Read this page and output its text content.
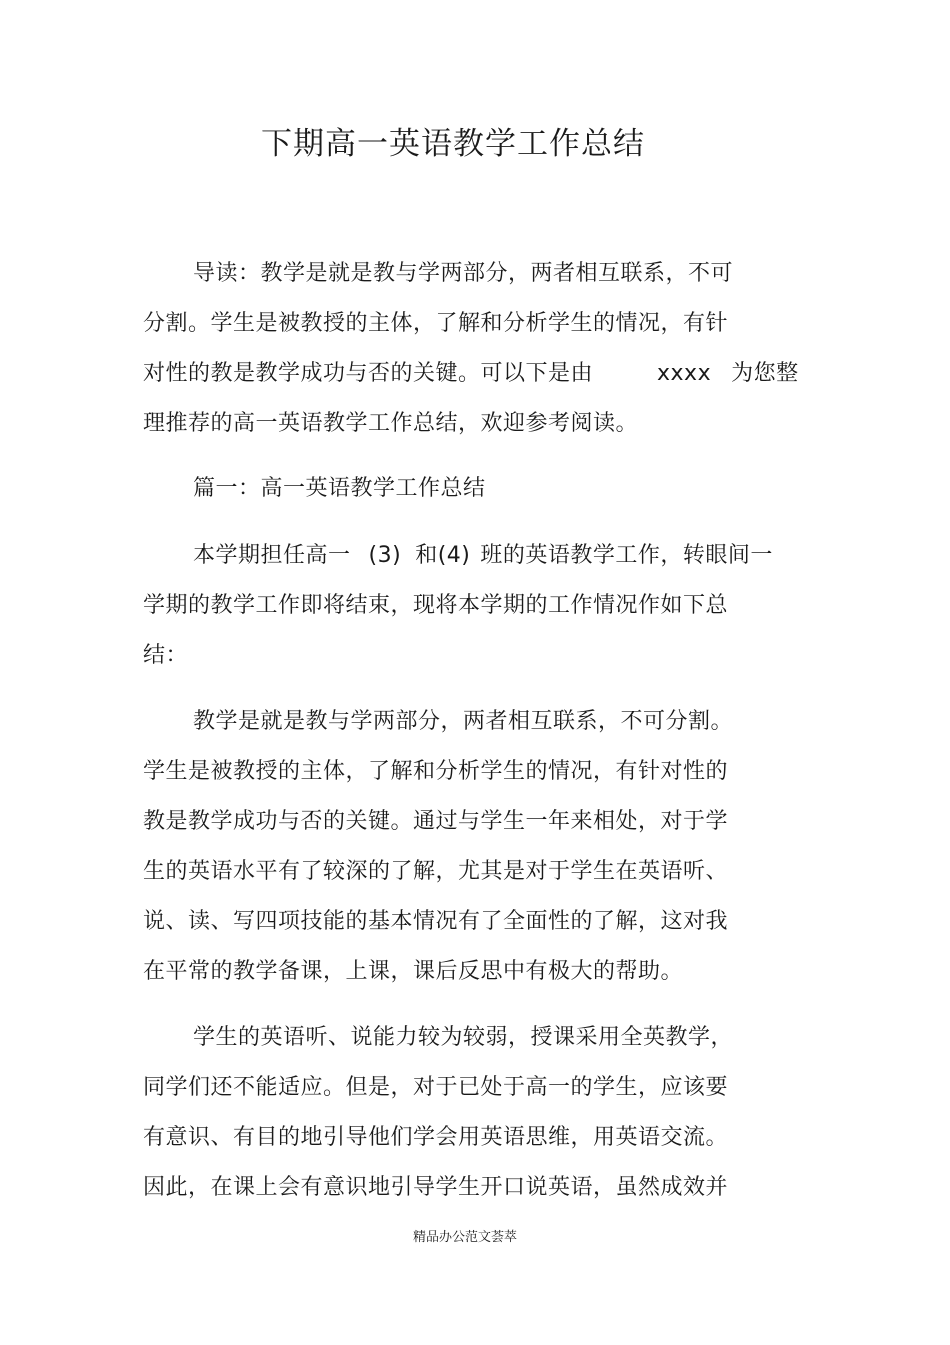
下期高一英语教学工作总结
导读：教学是就是教与学两部分，两者相互联系，不可
分割。学生是被教授的主体，了解和分析学生的情况，有针
对性的教是教学成功与否的关键。可以下是由	xxxx 为您整
理推荐的高一英语教学工作总结，欢迎参考阅读。
篇一：高一英语教学工作总结
本学期担任高一 (3) 和(4) 班的英语教学工作，转眼间一
学期的教学工作即将结束，现将本学期的工作情况作如下总
结：
教学是就是教与学两部分，两者相互联系，不可分割。
学生是被教授的主体，了解和分析学生的情况，有针对性的
教是教学成功与否的关键。通过与学生一年来相处，对于学
生的英语水平有了较深的了解，尤其是对于学生在英语听、
说、读、写四项技能的基本情况有了全面性的了解，这对我
在平常的教学备课，上课，课后反思中有极大的帮助。
学生的英语听、说能力较为较弱，授课采用全英教学，
同学们还不能适应。但是，对于已处于高一的学生，应该要
有意识、有目的地引导他们学会用英语思维，用英语交流。
因此，在课上会有意识地引导学生开口说英语，虽然成效并
精品办公范文荟萃
